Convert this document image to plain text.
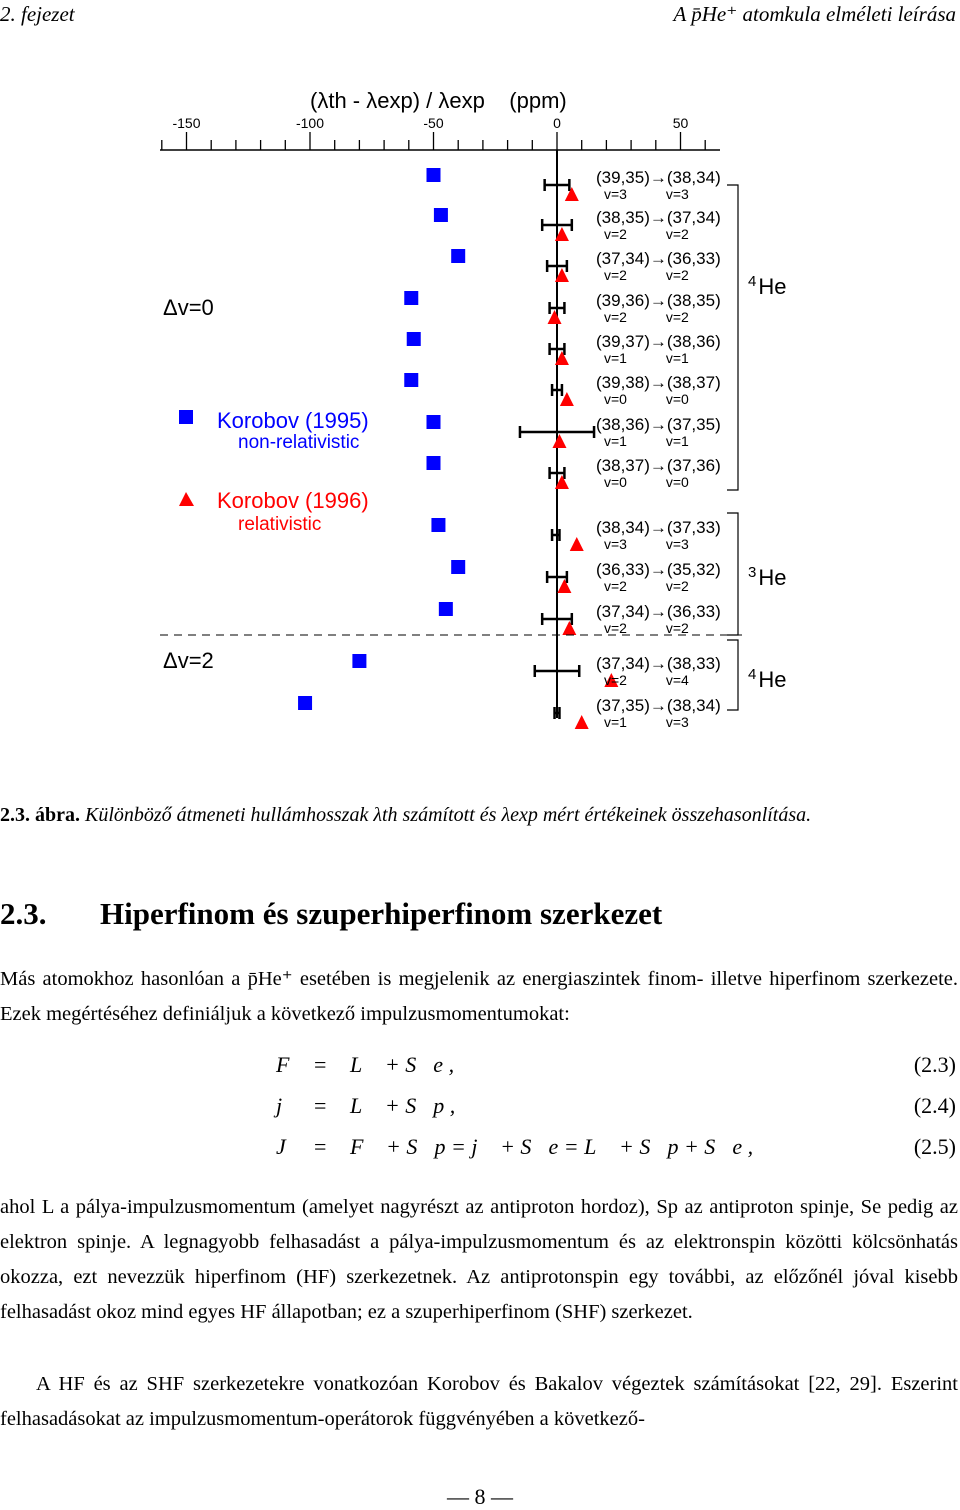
2. fejezet	A p̄He⁺ atomkula elméleti leírása
(λth - λexp) / λexp    (ppm)
-150	-100	-50	0	50
(39,35)→(38,34)
v=3          v=3
(38,35)→(37,34)
v=2          v=2
(37,34)→(36,33)
v=2          v=2
(39,36)→(38,35)
v=2          v=2
(39,37)→(38,36)
v=1          v=1
(39,38)→(38,37)
v=0          v=0
(38,36)→(37,35)
v=1          v=1
(38,37)→(37,36)
v=0          v=0
(38,34)→(37,33)
v=3          v=3
(36,33)→(35,32)
v=2          v=2
(37,34)→(36,33)
v=2          v=2
(37,34)→(38,33)
v=2          v=4
(37,35)→(38,34)
v=1          v=3
Δv=0
Δv=2
Korobov (1995)
non-relativistic
Korobov (1996)
relativistic
$^4$He
$^3$He
$^4$He
2.3. ábra. Különböző átmeneti hullámhosszak λth számított és λexp mért értékeinek összehasonlítása.
2.3. Hiperfinom és szuperhiperfinom szerkezet
Más atomokhoz hasonlóan a p̄He⁺ esetében is megjelenik az energiaszintek finom- illetve hiperfinom szerkezete. Ezek megértéséhez definiáljuk a következő impulzusmomentumokat:
F⃗ = L⃗ + S⃗e ,	(2.3)
j⃗ = L⃗ + S⃗p ,	(2.4)
J⃗ = F⃗ + S⃗p = j⃗ + S⃗e = L⃗ + S⃗p + S⃗e ,	(2.5)
ahol L a pálya-impulzusmomentum (amelyet nagyrészt az antiproton hordoz), Sp az antiproton spinje, Se pedig az elektron spinje. A legnagyobb felhasadást a pálya-impulzusmomentum és az elektronspin közötti kölcsönhatás okozza, ezt nevezzük hiperfinom (HF) szerkezetnek. Az antiprotonspin egy további, az előzőnél jóval kisebb felhasadást okoz mind egyes HF állapotban; ez a szuperhiperfinom (SHF) szerkezet.
A HF és az SHF szerkezetekre vonatkozóan Korobov és Bakalov végeztek számításokat [22, 29]. Eszerint felhasadásokat az impulzusmomentum-operátorok függvényében a következő-
— 8 —
